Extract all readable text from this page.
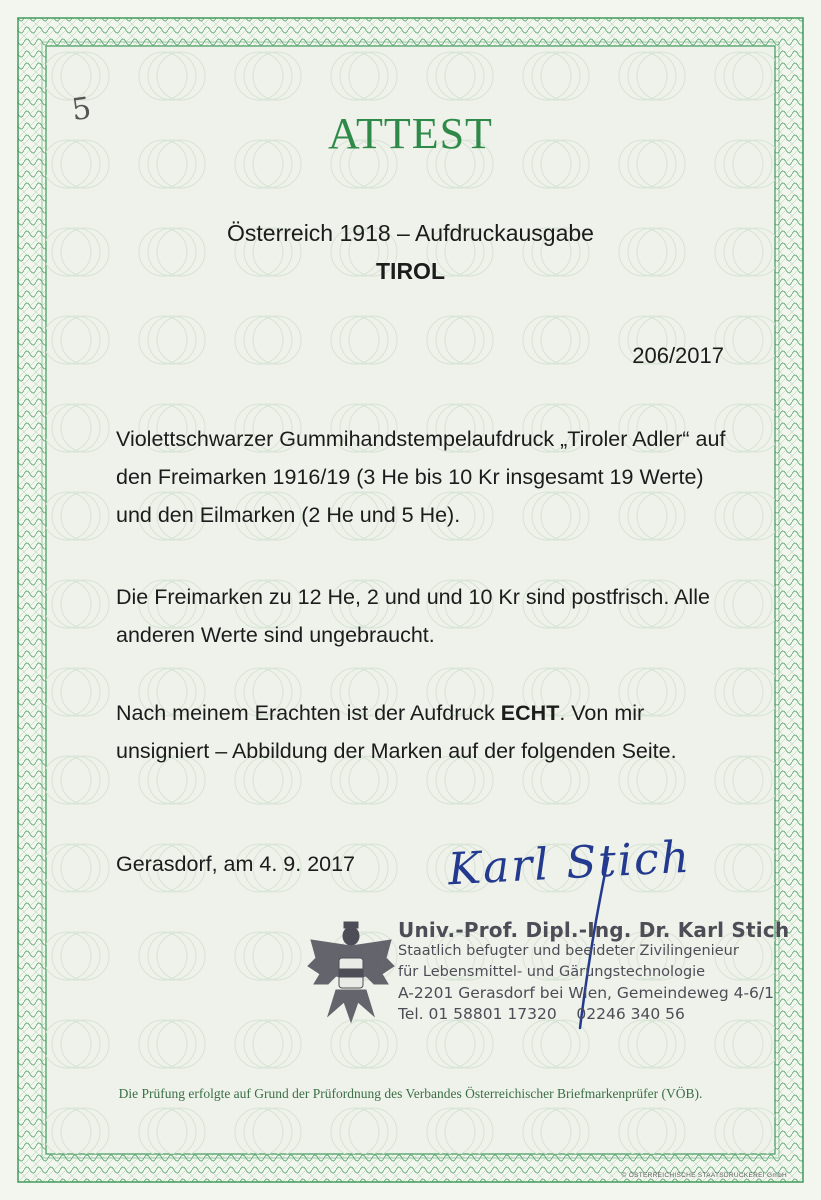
5	ATTEST
Österreich 1918 – Aufdruckausgabe
TIROL
206/2017
Violettschwarzer Gummihandstempelaufdruck „Tiroler Adler“ auf den Freimarken 1916/19 (3 He bis 10 Kr insgesamt 19 Werte) und den Eilmarken (2 He und 5 He).
Die Freimarken zu 12 He, 2 und und 10 Kr sind postfrisch. Alle anderen Werte sind ungebraucht.
Nach meinem Erachten ist der Aufdruck ECHT. Von mir unsigniert – Abbildung der Marken auf der folgenden Seite.
Gerasdorf, am 4. 9. 2017 Karl Stich
Univ.-Prof. Dipl.-Ing. Dr. Karl Stich
Staatlich befugter und beeideter Zivilingenieur
für Lebensmittel- und Gärungstechnologie
A-2201 Gerasdorf bei Wien, Gemeindeweg 4-6/1
Tel. 01 58801 17320    02246 340 56
Die Prüfung erfolgte auf Grund der Prüfordnung des Verbandes Österreichischer Briefmarkenprüfer (VÖB).
© ÖSTERREICHISCHE STAATSDRUCKEREI GmbH
